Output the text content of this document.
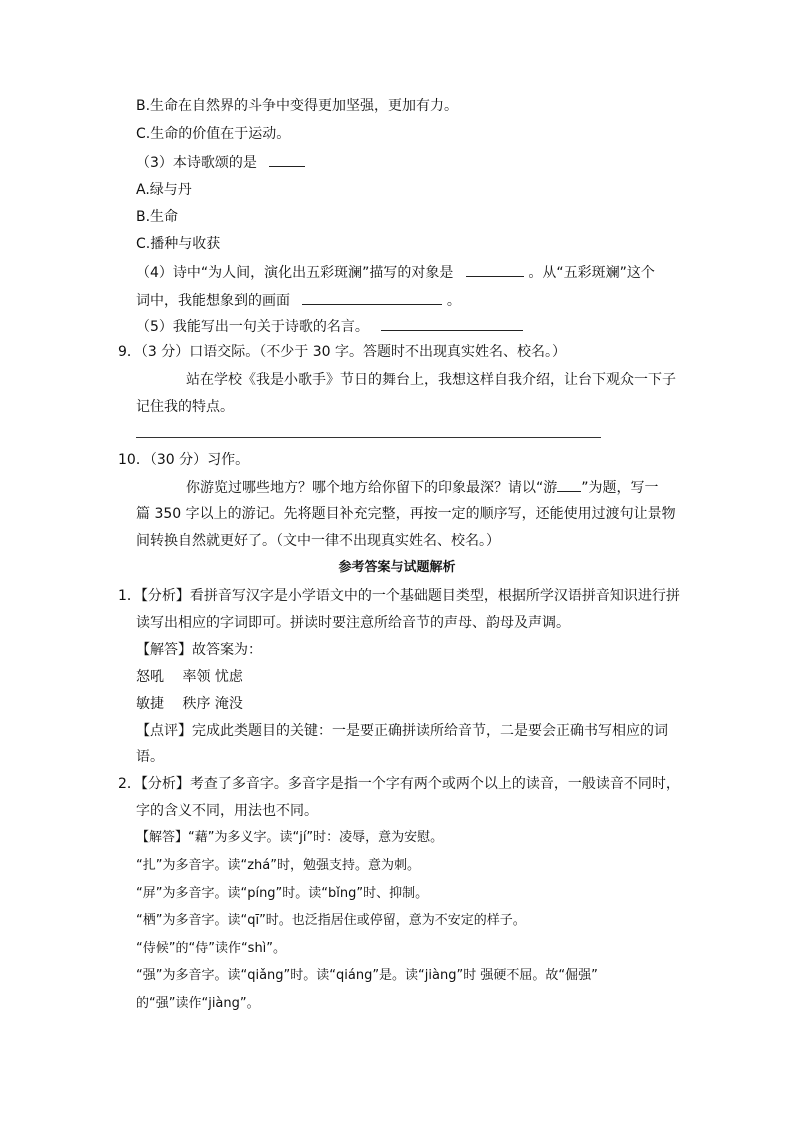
B.生命在自然界的斗争中变得更加坚强，更加有力。
C.生命的价值在于运动。
（3）本诗歌颂的是
A.绿与丹
B.生命
C.播种与收获
（4）诗中“为人间，演化出五彩斑澜”描写的对象是	。从“五彩斑斓”这个
词中，我能想象到的画面	。
（5）我能写出一句关于诗歌的名言。
9．（3 分）口语交际。（不少于 30 字。答题时不出现真实姓名、校名。）
站在学校《我是小歌手》节日的舞台上，我想这样自我介绍，让台下观众一下子
记住我的特点。
10．（30 分）习作。
你游览过哪些地方？哪个地方给你留下的印象最深？请以“游 ”为题，写一
篇 350 字以上的游记。先将题目补充完整，再按一定的顺序写，还能使用过渡句让景物
间转换自然就更好了。（文中一律不出现真实姓名、校名。）
参考答案与试题解析
1．【分析】看拼音写汉字是小学语文中的一个基础题目类型，根据所学汉语拼音知识进行拼
读写出相应的字词即可。拼读时要注意所给音节的声母、韵母及声调。
【解答】故答案为：
怒吼　 率领 忧虑
敏捷　 秩序 淹没
【点评】完成此类题目的关键：一是要正确拼读所给音节，二是要会正确书写相应的词
语。
2．【分析】考查了多音字。多音字是指一个字有两个或两个以上的读音，一般读音不同时，
字的含义不同，用法也不同。
【解答】“藉”为多义字。读“jí”时：凌辱，意为安慰。
“扎”为多音字。读“zhá”时，勉强支持。意为刺。
“屏”为多音字。读“píng”时。读“bǐng”时、抑制。
“栖”为多音字。读“qī”时。也泛指居住或停留，意为不安定的样子。
“侍候”的“侍”读作“shì”。
“强”为多音字。读“qiǎng”时。读“qiáng”是。读“jiàng”时 强硬不屈。故“倔强”
的“强”读作“jiàng”。
